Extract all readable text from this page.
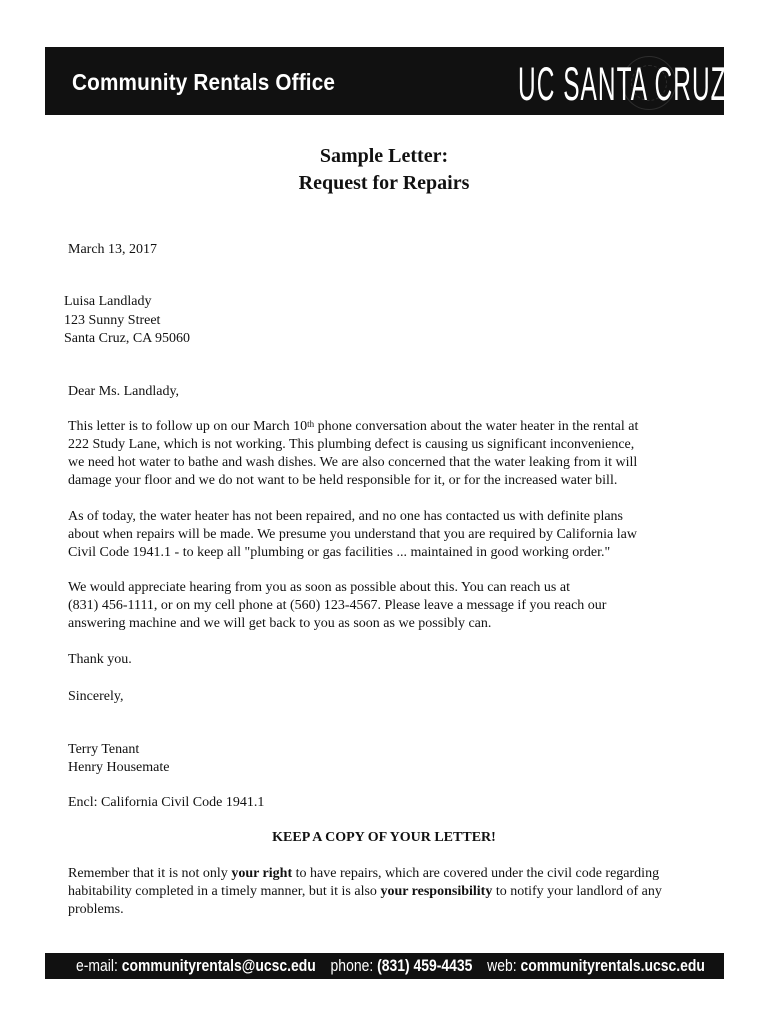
Community Rentals Office	UC SANTA CRUZ
Sample Letter:
Request for Repairs
March 13, 2017
Luisa Landlady
123 Sunny Street
Santa Cruz, CA 95060
Dear Ms. Landlady,

This letter is to follow up on our March 10th phone conversation about the water heater in the rental at

222 Study Lane, which is not working. This plumbing defect is causing us significant inconvenience,

we need hot water to bathe and wash dishes. We are also concerned that the water leaking from it will

damage your floor and we do not want to be held responsible for it, or for the increased water bill.

As of today, the water heater has not been repaired, and no one has contacted us with definite plans

about when repairs will be made. We presume you understand that you are required by California law

Civil Code 1941.1 - to keep all "plumbing or gas facilities ... maintained in good working order."

We would appreciate hearing from you as soon as possible about this. You can reach us at

(831) 456-1111, or on my cell phone at (560) 123-4567. Please leave a message if you reach our

answering machine and we will get back to you as soon as we possibly can.

Thank you.
Sincerely,
Terry Tenant
Henry Housemate
Encl: California Civil Code 1941.1
KEEP A COPY OF YOUR LETTER!

Remember that it is not only your right to have repairs, which are covered under the civil code regarding

habitability completed in a timely manner, but it is also your responsibility to notify your landlord of any

problems.

e-mail: communityrentals@ucsc.edu phone: (831) 459-4435 web: communityrentals.ucsc.edu
